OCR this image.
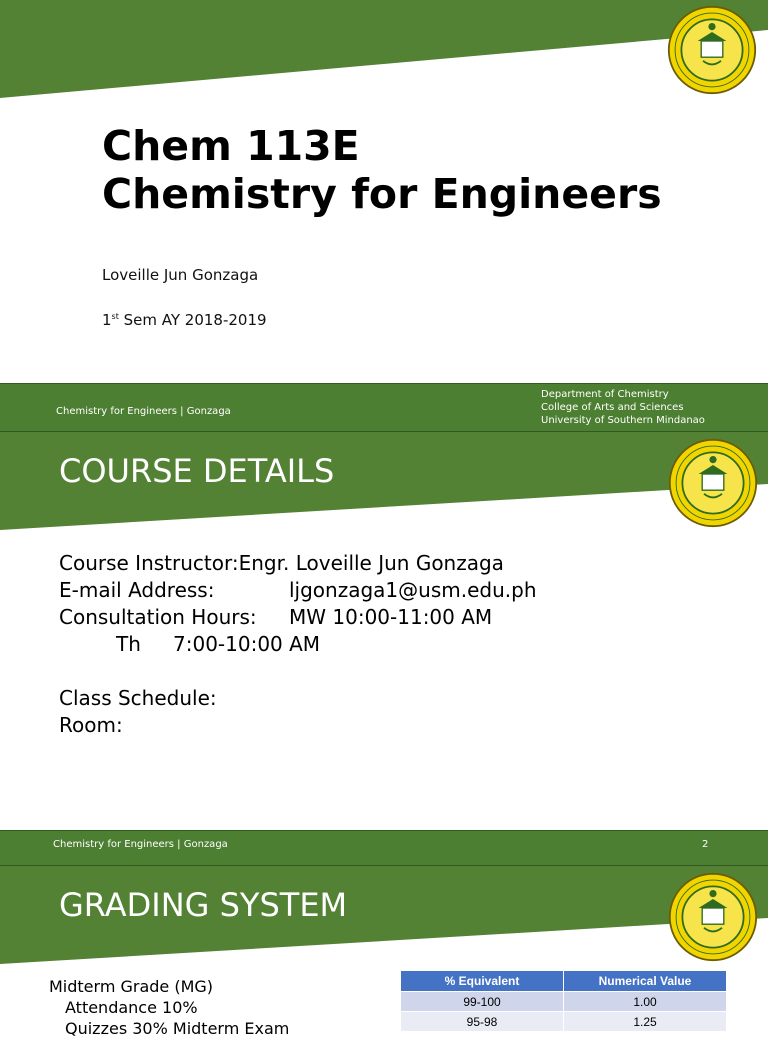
Chem 113E
Chemistry for Engineers
Loveille Jun Gonzaga
1st Sem AY 2018-2019
Chemistry for Engineers | Gonzaga
Department of Chemistry
College of Arts and Sciences
University of Southern Mindanao
COURSE DETAILS
Course Instructor:Engr. Loveille Jun Gonzaga
E-mail Address:	ljgonzaga1@usm.edu.ph
Consultation Hours: MW 10:00-11:00 AM
Th 7:00-10:00 AM
Class Schedule:
Room:
Chemistry for Engineers | Gonzaga	2
GRADING SYSTEM
Midterm Grade (MG)
Attendance 10%
Quizzes 30% Midterm Exam
% Equivalent	Numerical Value
99-100	1.00
95-98	1.25
